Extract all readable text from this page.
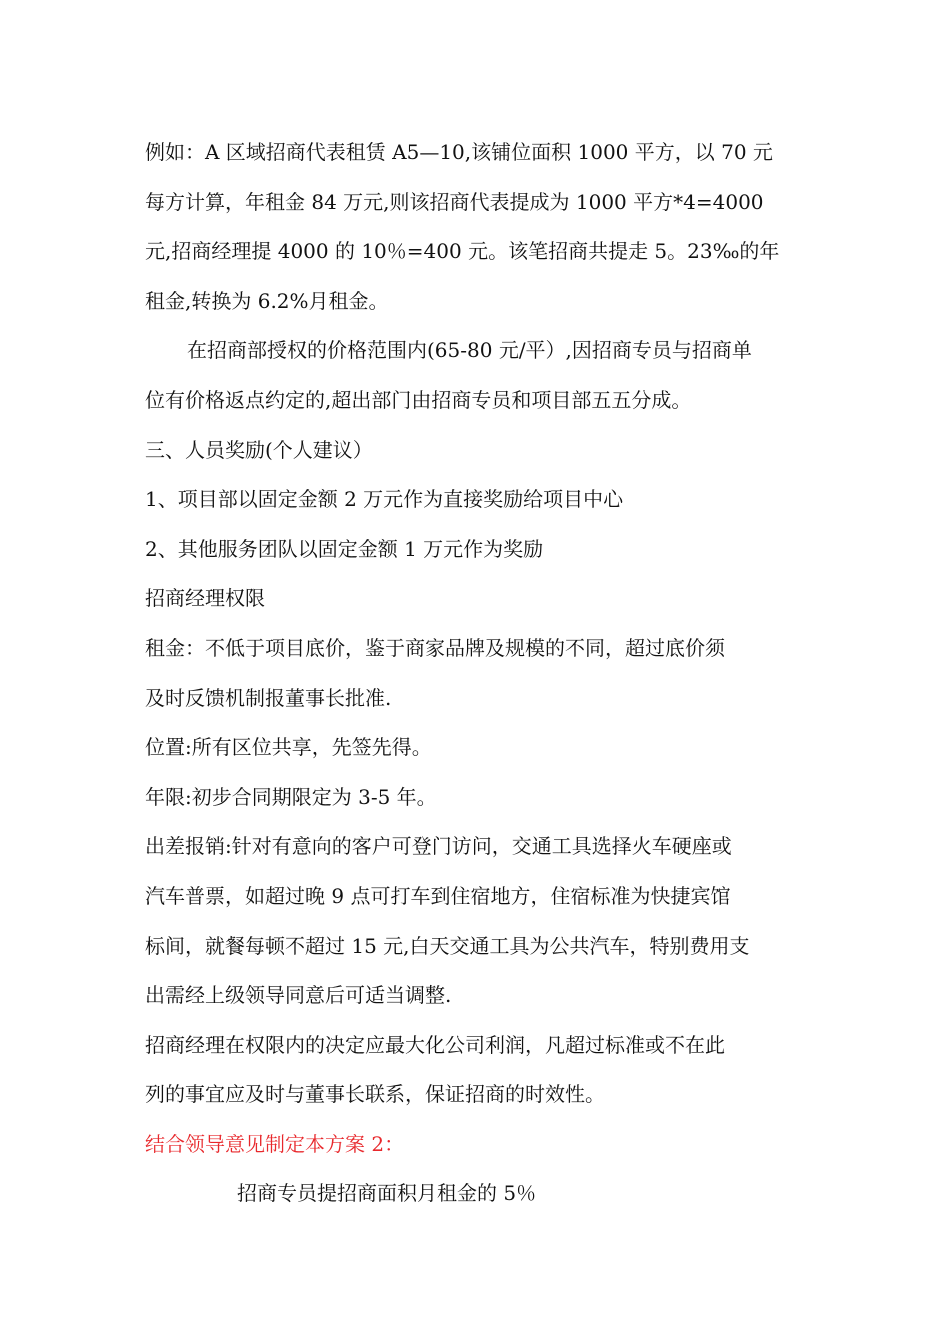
例如：A 区域招商代表租赁 A5—10,该铺位面积 1000 平方，以 70 元
每方计算，年租金 84 万元,则该招商代表提成为 1000 平方*4=4000
元,招商经理提 4000 的 10％=400 元。该笔招商共提走 5。23‰的年
租金,转换为 6.2%月租金。
在招商部授权的价格范围内(65-80 元/平）,因招商专员与招商单
位有价格返点约定的,超出部门由招商专员和项目部五五分成。
三、人员奖励(个人建议）
1、项目部以固定金额 2 万元作为直接奖励给项目中心
2、其他服务团队以固定金额 1 万元作为奖励
招商经理权限
租金：不低于项目底价，鉴于商家品牌及规模的不同，超过底价须
及时反馈机制报董事长批准.
位置:所有区位共享，先签先得。
年限:初步合同期限定为 3-5 年。
出差报销:针对有意向的客户可登门访问，交通工具选择火车硬座或
汽车普票，如超过晚 9 点可打车到住宿地方，住宿标准为快捷宾馆
标间，就餐每顿不超过 15 元,白天交通工具为公共汽车，特别费用支
出需经上级领导同意后可适当调整.
招商经理在权限内的决定应最大化公司利润，凡超过标准或不在此
列的事宜应及时与董事长联系，保证招商的时效性。
结合领导意见制定本方案 2：
招商专员提招商面积月租金的 5％
